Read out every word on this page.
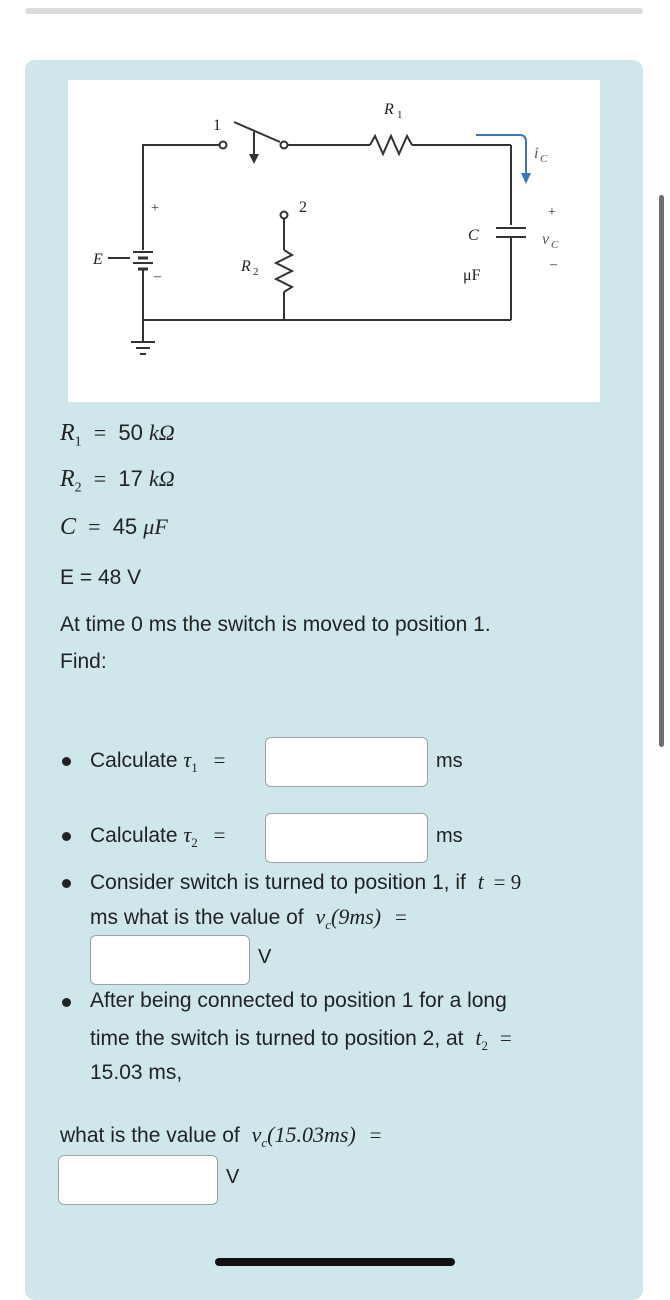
1
2
R 1
R 2
i C
+
v C
–
+
–
E
C
μF
$R_1 = 50$ kΩ
$R_2 = 17$ kΩ
C = 45 μF
E = 48 V
At time 0 ms the switch is moved to position 1.
Find:
Calculate $\tau_1$ =	ms
Calculate $\tau_2$ =	ms
Consider switch is turned to position 1, if t = 9
ms what is the value of $v_c(9ms)$ =
V
After being connected to position 1 for a long
time the switch is turned to position 2, at $t_2$ =
15.03 ms,
what is the value of $v_c(15.03ms)$ =
V
